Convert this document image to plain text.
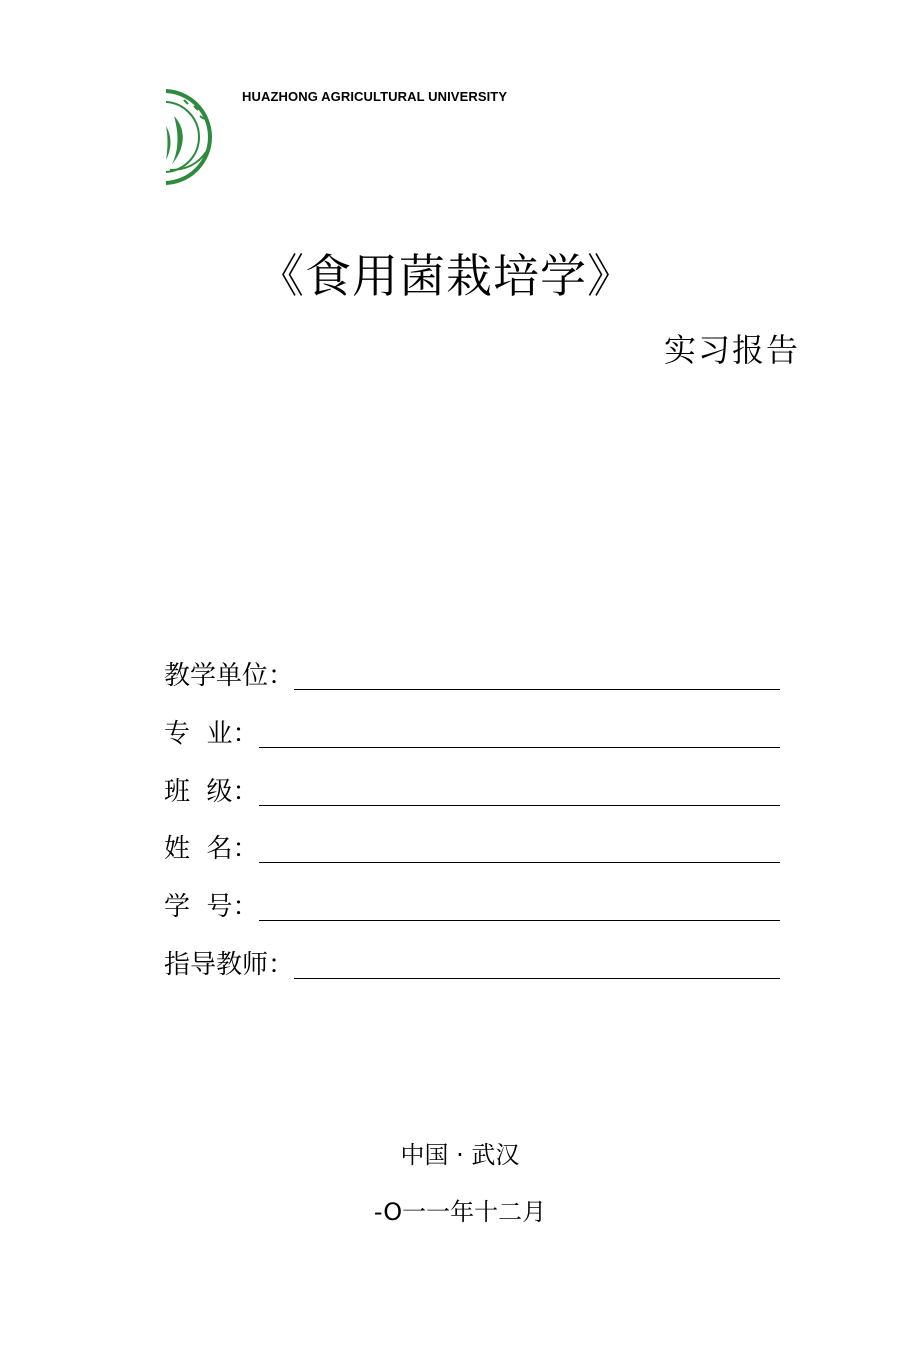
HUAZHONG AGRICULTURAL UNIVERSITY
《食用菌栽培学》
实习报告
教学单位：
专  业：
班  级：
姓  名：
学  号：
指导教师：
中国 · 武汉
-O一一年十二月
